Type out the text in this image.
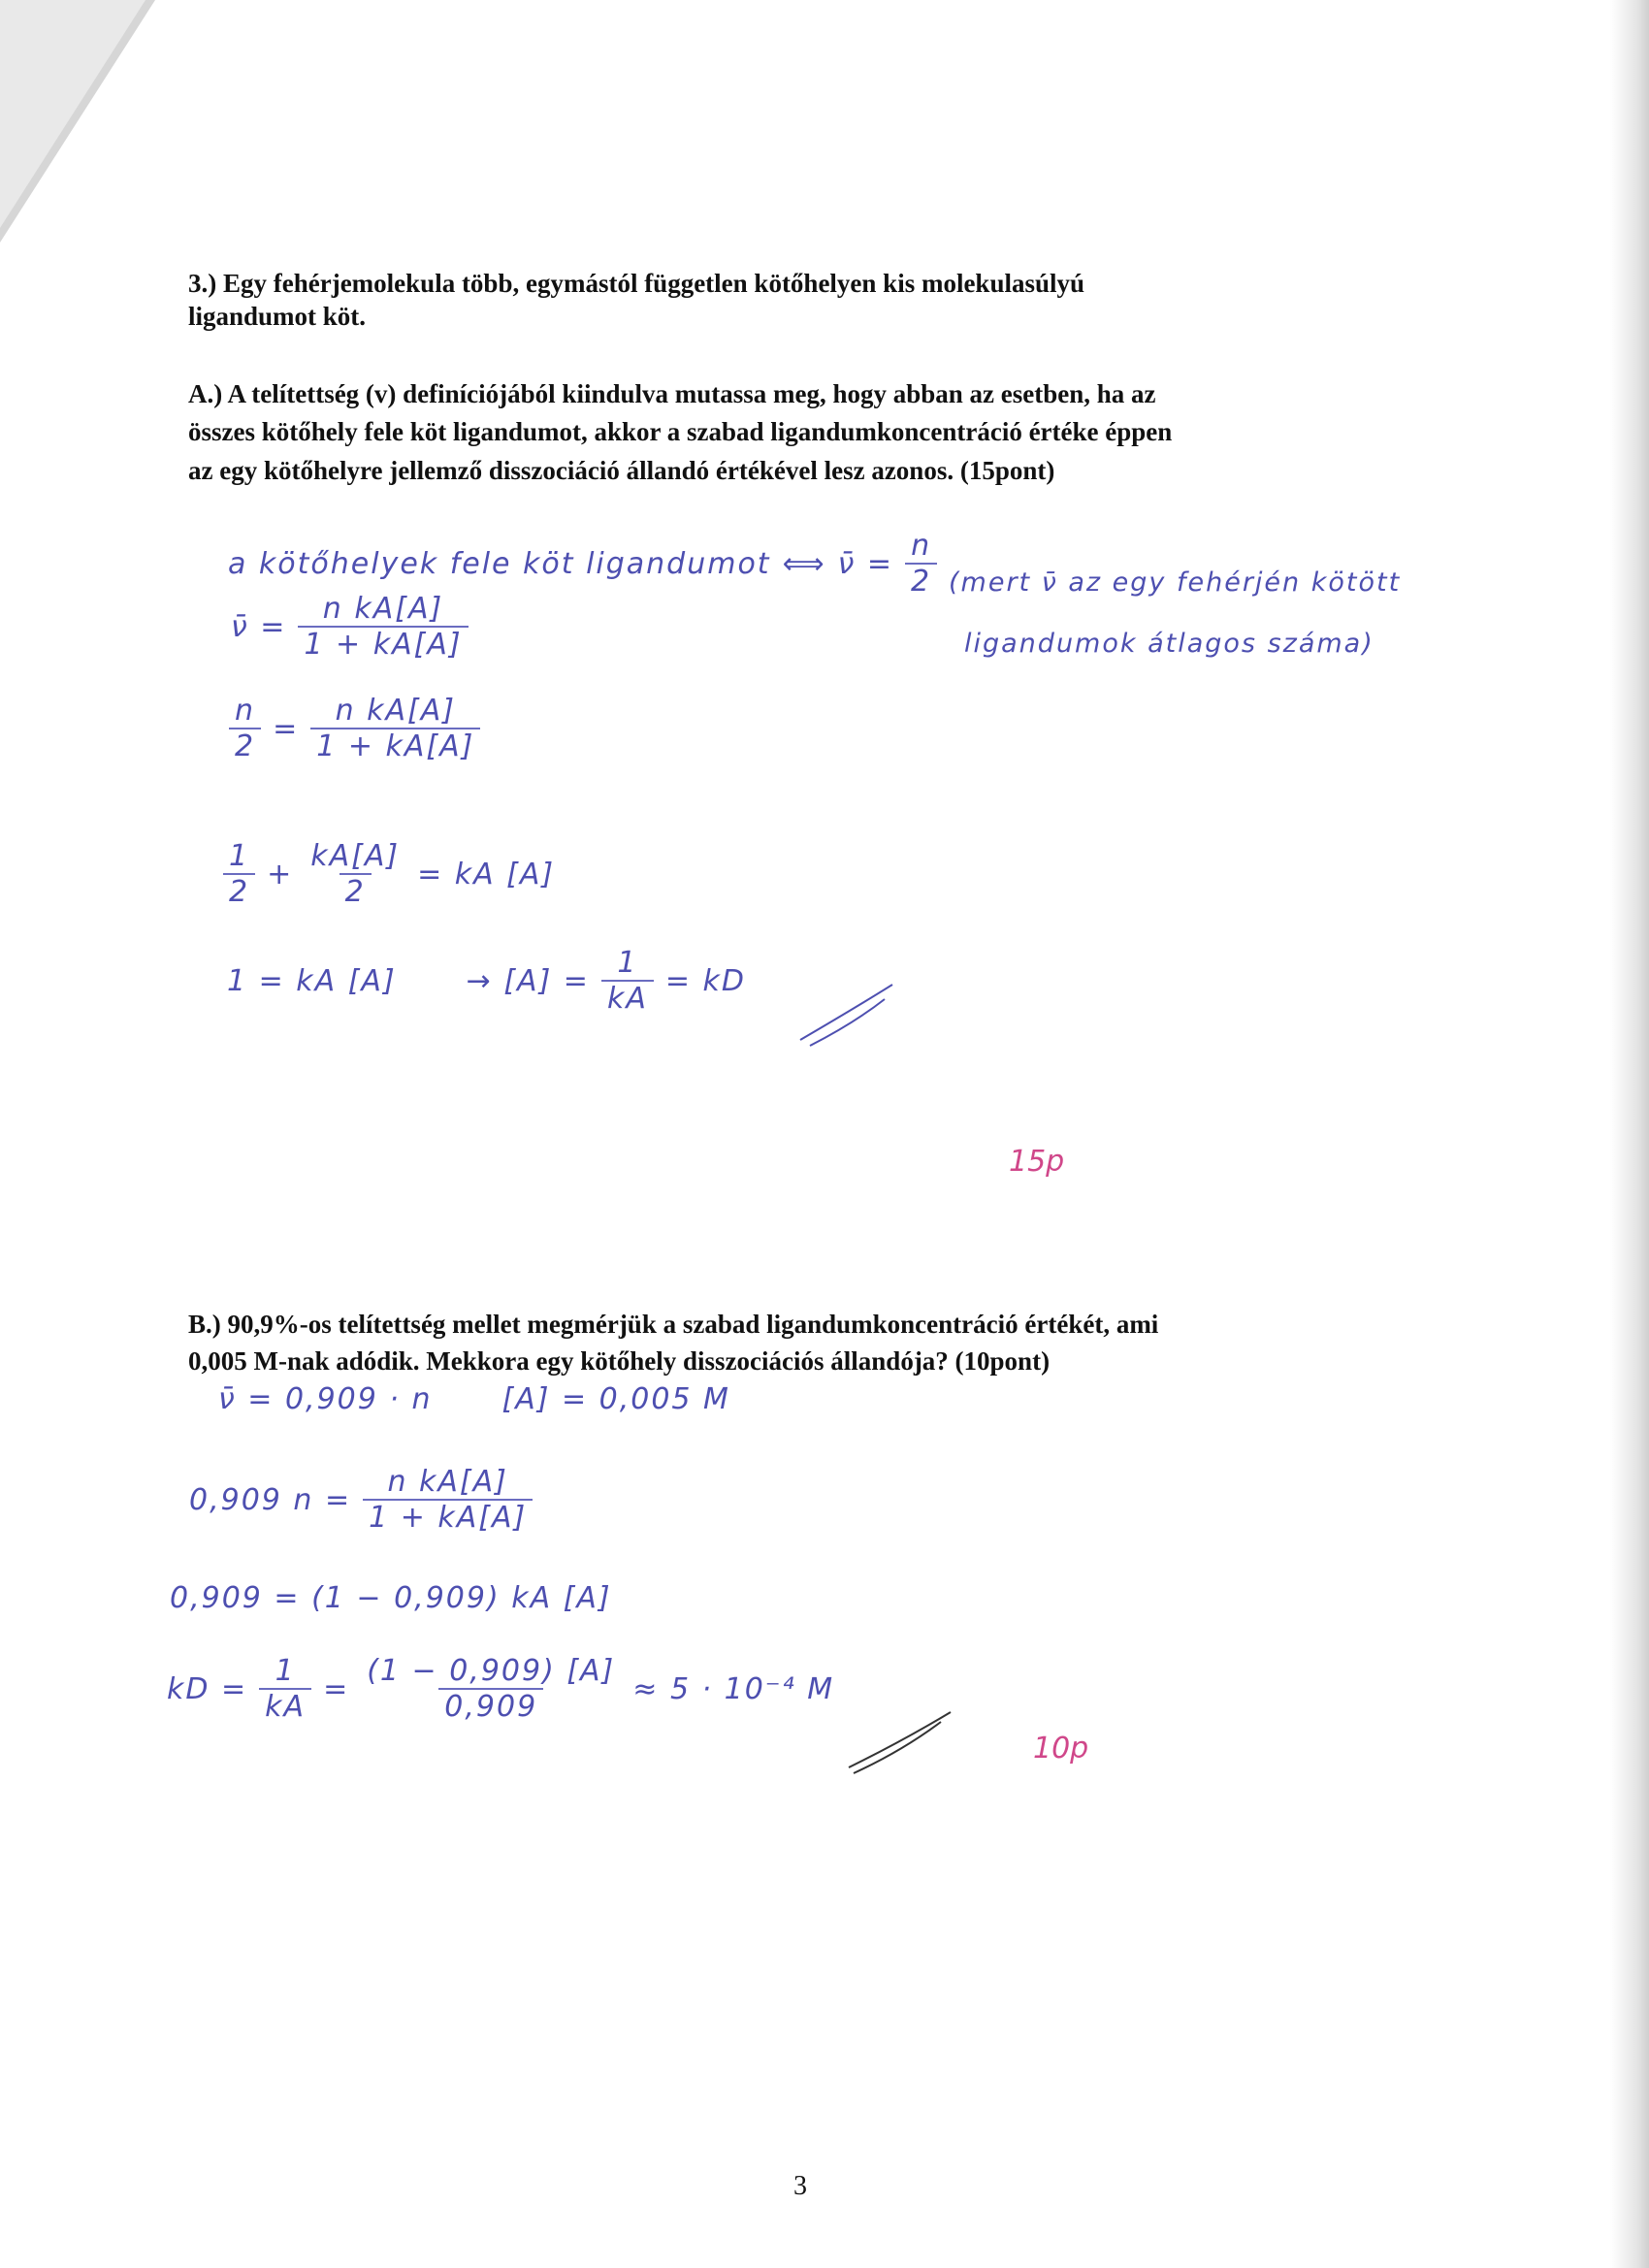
3.) Egy fehérjemolekula több, egymástól független kötőhelyen kis molekulasúlyú
ligandumot köt.
A.) A telítettség (v) definíciójából kiindulva mutassa meg, hogy abban az esetben, ha az
összes kötőhely fele köt ligandumot, akkor a szabad ligandumkoncentráció értéke éppen
az egy kötőhelyre jellemző disszociáció állandó értékével lesz azonos. (15pont)
a kötőhelyek fele köt ligandumot ⟺ ν̄ = $\frac{n}{2}$ (mert ν̄ az egy fehérjén kötött
ligandumok átlagos száma)
ν̄ = $\frac{\text{n kA[A]}}{1 + kA[A]}$
$\frac{n}{2} = \frac{\text{n kA[A]}}{1 + kA[A]}$
$\frac{1}{2} + \frac{kA[A]}{2}$ = kA [A]
1 = kA $[A] \to [A] = \frac{1}{kA}$ = kD
15p
B.) 90,9%-os telítettség mellet megmérjük a szabad ligandumkoncentráció értékét, ami
0,005 M-nak adódik. Mekkora egy kötőhely disszociációs állandója? (10pont)
ν̄ = 0,909 · n [A] = 0,005 M
0,909 $n = \frac{\text{n kA[A]}}{1 + kA[A]}$
0,909 = (1 − 0,909) kA [A]
kD = $\frac{1}{kA} = \frac{(1 - 0,909) [A]}{0,909} \approx 5 \cdot 10^{-4}$ M
10p
3
